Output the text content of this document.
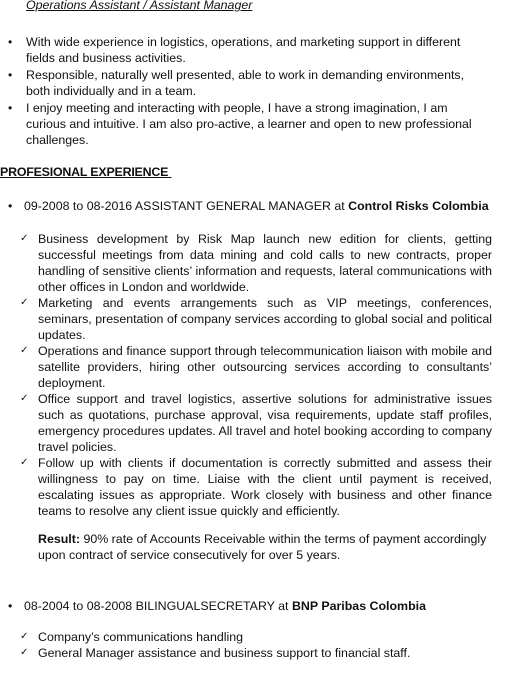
Operations Assistant / Assistant Manager
• With wide experience in logistics, operations, and marketing support in different fields and business activities.
• Responsible, naturally well presented, able to work in demanding environments, both individually and in a team.
• I enjoy meeting and interacting with people, I have a strong imagination, I am curious and intuitive. I am also pro-active, a learner and open to new professional challenges.
PROFESIONAL EXPERIENCE
• 09-2008 to 08-2016 ASSISTANT GENERAL MANAGER at Control Risks Colombia
✓ Business development by Risk Map launch new edition for clients, getting successful meetings from data mining and cold calls to new contracts, proper handling of sensitive clients’ information and requests, lateral communications with other offices in London and worldwide.
✓ Marketing and events arrangements such as VIP meetings, conferences, seminars, presentation of company services according to global social and political updates.
✓ Operations and finance support through telecommunication liaison with mobile and satellite providers, hiring other outsourcing services according to consultants’ deployment.
✓ Office support and travel logistics, assertive solutions for administrative issues such as quotations, purchase approval, visa requirements, update staff profiles, emergency procedures updates. All travel and hotel booking according to company travel policies.
✓ Follow up with clients if documentation is correctly submitted and assess their willingness to pay on time. Liaise with the client until payment is received, escalating issues as appropriate. Work closely with business and other finance teams to resolve any client issue quickly and efficiently.
Result: 90% rate of Accounts Receivable within the terms of payment accordingly upon contract of service consecutively for over 5 years.
• 08-2004 to 08-2008 BILINGUALSECRETARY at BNP Paribas Colombia
✓ Company’s communications handling
✓ General Manager assistance and business support to financial staff.
